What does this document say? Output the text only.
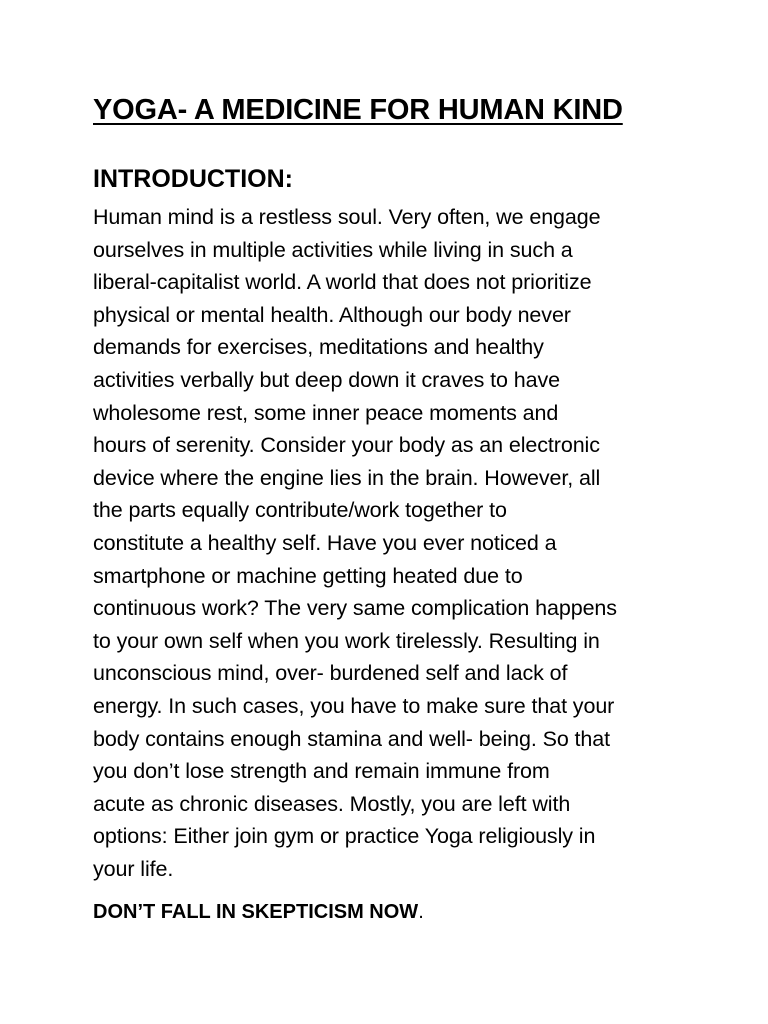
YOGA- A MEDICINE FOR HUMAN KIND
INTRODUCTION:

Human mind is a restless soul. Very often, we engage
ourselves in multiple activities while living in such a
liberal-capitalist world. A world that does not prioritize
physical or mental health. Although our body never
demands for exercises, meditations and healthy
activities verbally but deep down it craves to have
wholesome rest, some inner peace moments and
hours of serenity. Consider your body as an electronic
device where the engine lies in the brain. However, all
the parts equally contribute/work together to
constitute a healthy self. Have you ever noticed a
smartphone or machine getting heated due to
continuous work? The very same complication happens
to your own self when you work tirelessly. Resulting in
unconscious mind, over- burdened self and lack of
energy. In such cases, you have to make sure that your
body contains enough stamina and well- being. So that
you don’t lose strength and remain immune from
acute as chronic diseases. Mostly, you are left with
options: Either join gym or practice Yoga religiously in
your life.

DON’T FALL IN SKEPTICISM NOW.
